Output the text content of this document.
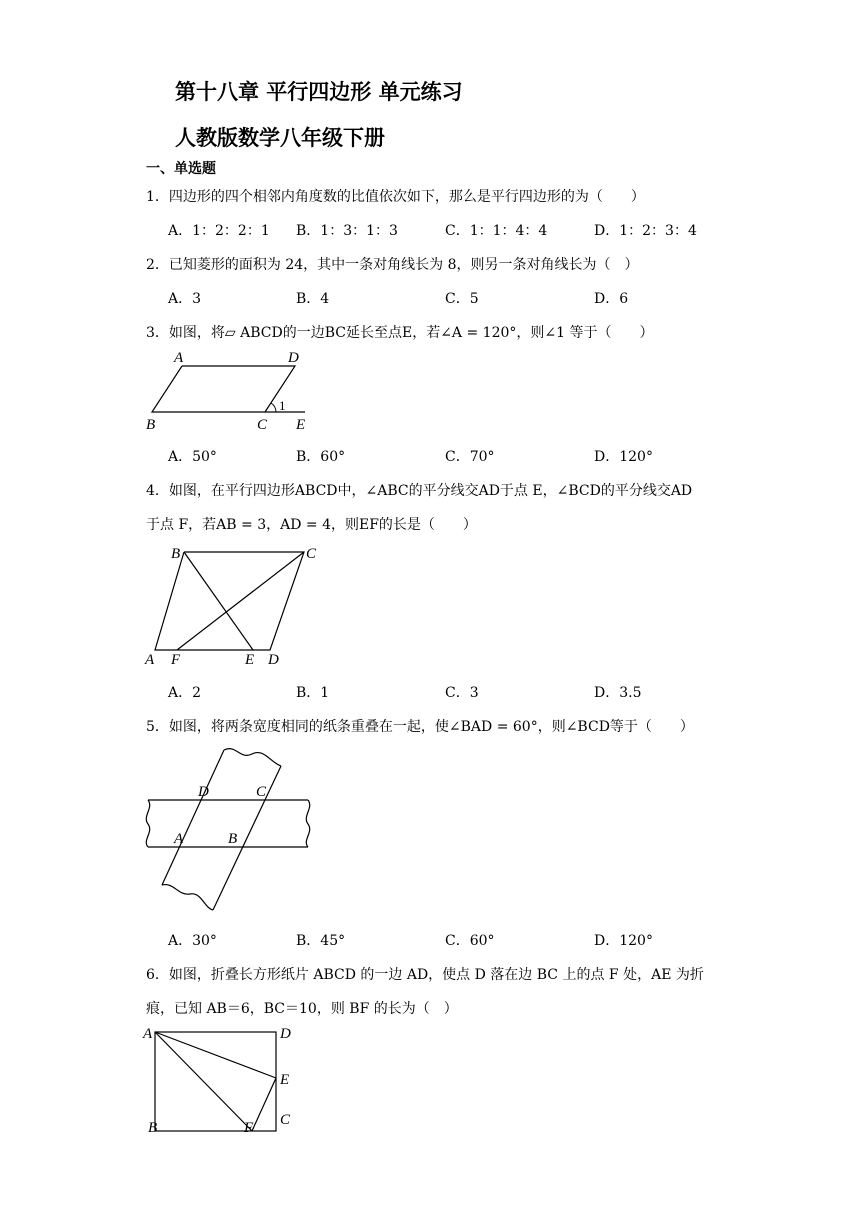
第十八章 平行四边形 单元练习
人教版数学八年级下册
一、单选题
1．四边形的四个相邻内角度数的比值依次如下，那么是平行四边形的为（　　）
A．1：2：2：1 B．1：3：1：3	C．1：1：4：4	D．1：2：3：4
2．已知菱形的面积为 24，其中一条对角线长为 8，则另一条对角线长为（　）
A．3	B．4	C．5	D．6
3．如图，将▱ ABCD的一边BC延长至点E，若∠A = 120°，则∠1 等于（　　）
A	D
B	C E
1
A．50°	B．60°	C．70°	D．120°
4．如图，在平行四边形ABCD中，∠ABC的平分线交AD于点 E，∠BCD的平分线交AD
于点 F，若AB = 3，AD = 4，则EF的长是（　　）
B	C
A F	E D
A．2	B．1	C．3	D．3.5
5．如图，将两条宽度相同的纸条重叠在一起，使∠BAD = 60°，则∠BCD等于（　　）
D	C
A	B
A．30°	B．45°	C．60°	D．120°
6．如图，折叠长方形纸片 ABCD 的一边 AD，使点 D 落在边 BC 上的点 F 处，AE 为折
痕，已知 AB＝6，BC＝10，则 BF 的长为（　）
A	D
E
B	F C
